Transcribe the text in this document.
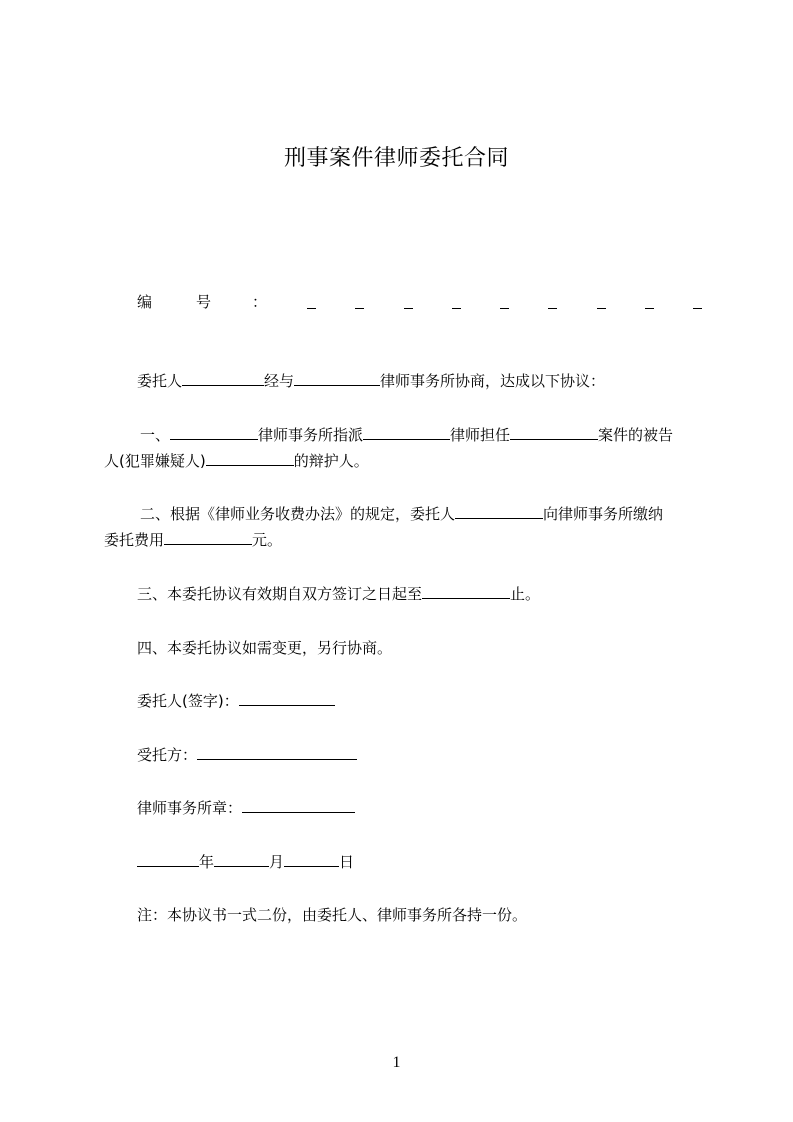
刑事案件律师委托合同
编	号	：
委托人	经与	律师事务所协商，达成以下协议：
一、	律师事务所指派	律师担任	案件的被告
人(犯罪嫌疑人)	的辩护人。
二、根据《律师业务收费办法》的规定，委托人	向律师事务所缴纳
委托费用	元。
三、本委托协议有效期自双方签订之日起至	止。
四、本委托协议如需变更，另行协商。
委托人(签字)：
受托方：
律师事务所章：
年	月	日
注：本协议书一式二份，由委托人、律师事务所各持一份。
1
